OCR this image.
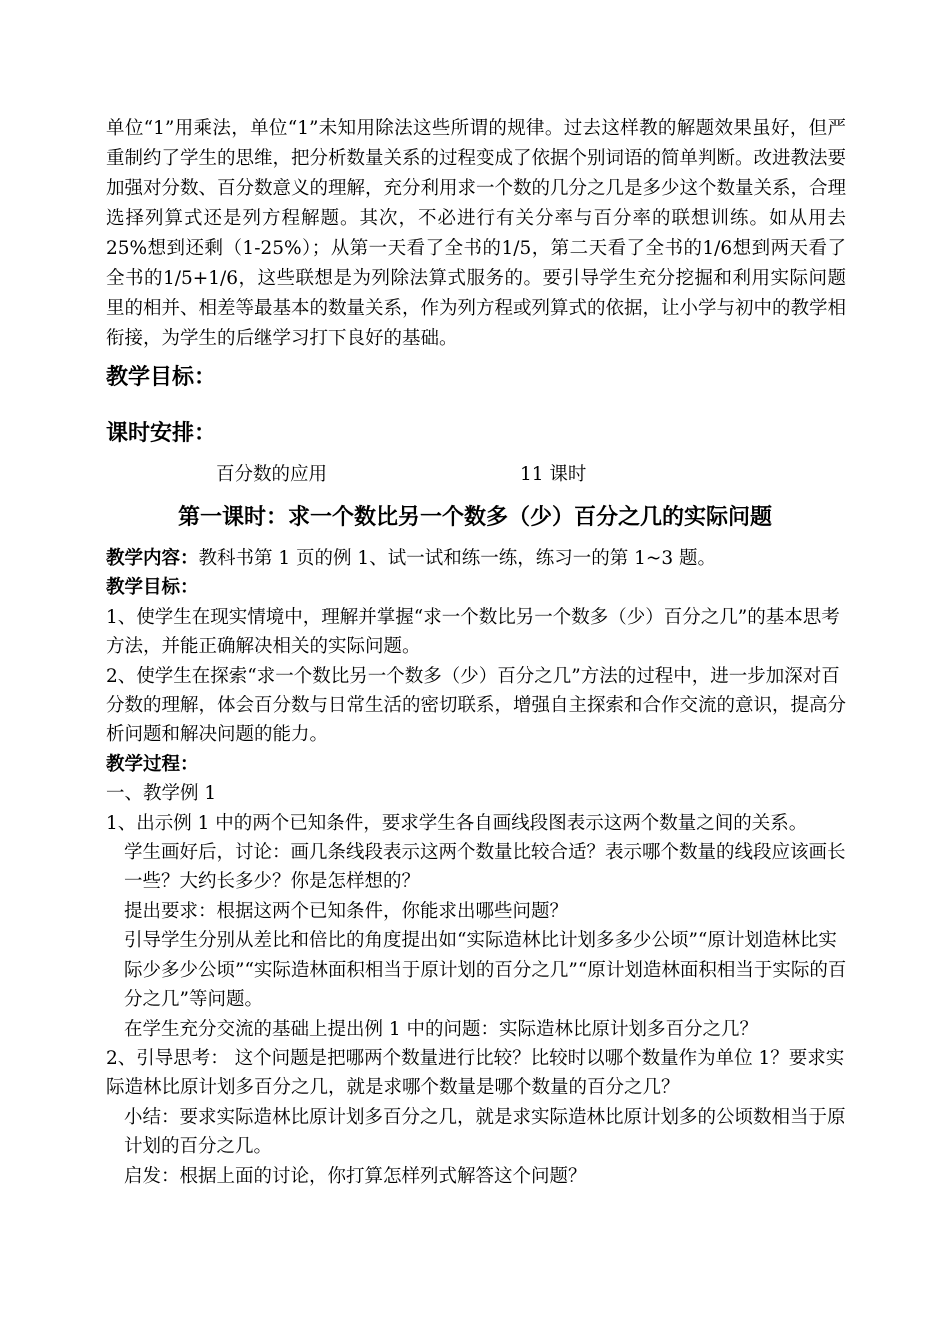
单位“1”用乘法，单位“1”未知用除法这些所谓的规律。过去这样教的解题效果虽好，但严重制约了学生的思维，把分析数量关系的过程变成了依据个别词语的简单判断。改进教法要加强对分数、百分数意义的理解，充分利用求一个数的几分之几是多少这个数量关系，合理选择列算式还是列方程解题。其次，不必进行有关分率与百分率的联想训练。如从用去25%想到还剩（1-25%）；从第一天看了全书的1/5，第二天看了全书的1/6想到两天看了全书的1/5+1/6，这些联想是为列除法算式服务的。要引导学生充分挖掘和利用实际问题里的相并、相差等最基本的数量关系，作为列方程或列算式的依据，让小学与初中的教学相衔接，为学生的后继学习打下良好的基础。

教学目标：
课时安排：
百分数的应用	11 课时
第一课时：求一个数比另一个数多（少）百分之几的实际问题

教学内容：教科书第 1 页的例 1、试一试和练一练，练习一的第 1~3 题。

教学目标：

1、使学生在现实情境中，理解并掌握“求一个数比另一个数多（少）百分之几”的基本思考方法，并能正确解决相关的实际问题。

2、使学生在探索“求一个数比另一个数多（少）百分之几”方法的过程中，进一步加深对百分数的理解，体会百分数与日常生活的密切联系，增强自主探索和合作交流的意识，提高分析问题和解决问题的能力。

教学过程：

一、教学例 1

1、出示例 1 中的两个已知条件，要求学生各自画线段图表示这两个数量之间的关系。

学生画好后，讨论：画几条线段表示这两个数量比较合适？表示哪个数量的线段应该画长一些？大约长多少？你是怎样想的？

提出要求：根据这两个已知条件，你能求出哪些问题？

引导学生分别从差比和倍比的角度提出如“实际造林比计划多多少公顷”“原计划造林比实际少多少公顷”“实际造林面积相当于原计划的百分之几”“原计划造林面积相当于实际的百分之几”等问题。

在学生充分交流的基础上提出例 1 中的问题：实际造林比原计划多百分之几？

2、引导思考： 这个问题是把哪两个数量进行比较？比较时以哪个数量作为单位 1？要求实际造林比原计划多百分之几，就是求哪个数量是哪个数量的百分之几？

小结：要求实际造林比原计划多百分之几，就是求实际造林比原计划多的公顷数相当于原计划的百分之几。

启发：根据上面的讨论，你打算怎样列式解答这个问题？
